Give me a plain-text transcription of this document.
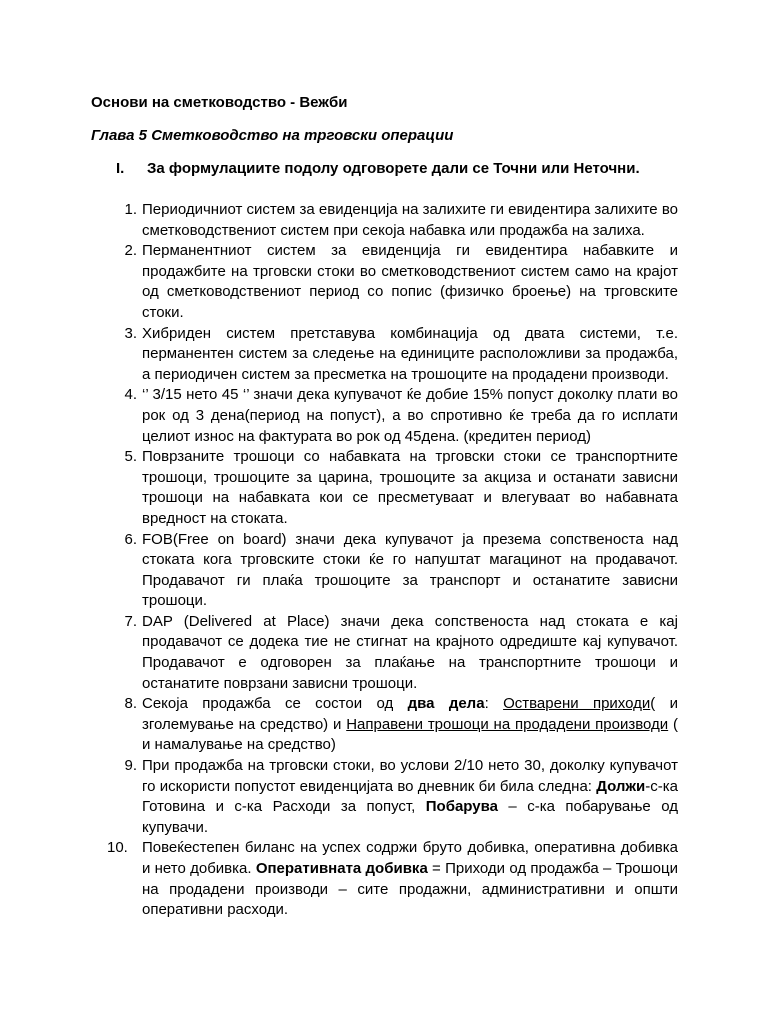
Основи на сметководство - Вежби

Глава 5 Сметководство на трговски операции

I.	За формулациите подолу одговорете дали се Точни или Неточни.

1. Периодичниот систем за евиденција на залихите ги евидентира залихите во сметководствениот систем при секоја набавка или продажба на залиха.
2. Перманентниот систем за евиденција ги евидентира набавките и продажбите на трговски стоки во сметководствениот систем само на крајот од сметководствениот период со попис (физичко броење) на трговските стоки.
3. Хибриден систем претставува комбинација од двата системи, т.е. перманентен систем за следење на единиците расположливи за продажба, а периодичен систем за пресметка на трошоците на продадени производи.
4. ‘’ 3/15 нето 45 ‘’ значи дека купувачот ќе добие 15% попуст доколку плати во рок од 3 дена(период на попуст), а во спротивно ќе треба да го исплати целиот износ на фактурата во рок од 45дена. (кредитен период)
5. Поврзаните трошоци со набавката на трговски стоки се транспортните трошоци, трошоците за царина, трошоците за акциза и останати зависни трошоци на набавката кои се пресметуваат и влегуваат во набавната вредност на стоката.
6. FOB(Free on board) значи дека купувачот ја презема сопственоста над стоката кога трговските стоки ќе го напуштат магацинот на продавачот. Продавачот ги плаќа трошоците за транспорт и останатите зависни трошоци.
7. DAP (Delivered at Place) значи дека сопственоста над стоката е кај продавачот се додека тие не стигнат на крајното одредиште кај купувачот. Продавачот е одговорен за плаќање на транспортните трошоци и останатите поврзани зависни трошоци.
8. Секоја продажба се состои од два дела: Остварени приходи( и зголемување на средство) и Направени трошоци на продадени производи ( и намалување на средство)
9. При продажба на трговски стоки, во услови 2/10 нето 30, доколку купувачот го искористи попустот евиденцијата во дневник би била следна: Должи-с-ка Готовина и с-ка Расходи за попуст, Побарува – с-ка побарување од купувачи.
10. Повеќестепен биланс на успех содржи бруто добивка, оперативна добивка и нето добивка. Оперативната добивка = Приходи од продажба – Трошоци на продадени производи – сите продажни, административни и општи оперативни расходи.
